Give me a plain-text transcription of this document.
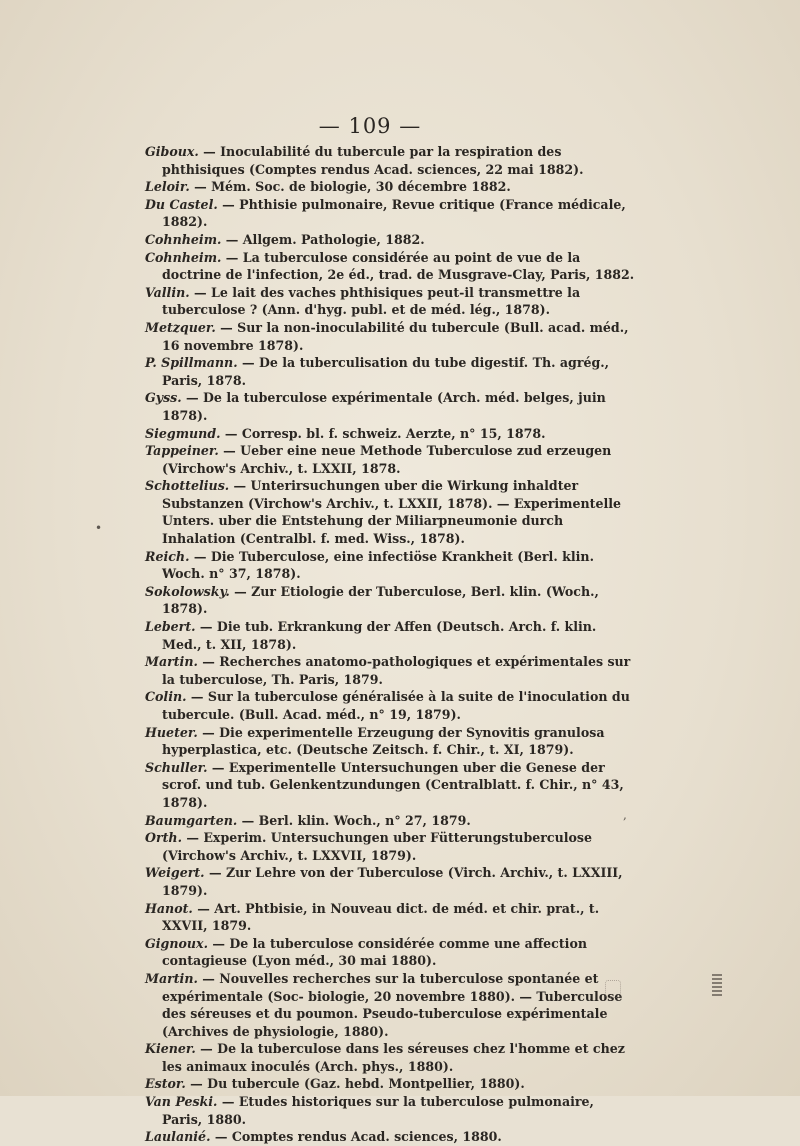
— 109 —

Giboux. — Inoculabilité du tubercule par la respiration des phthisiques (Comptes rendus Acad. sciences, 22 mai 1882).

Leloir. — Mém. Soc. de biologie, 30 décembre 1882.

Du Castel. — Phthisie pulmonaire, Revue critique (France médicale, 1882).

Cohnheim. — Allgem. Pathologie, 1882.

Cohnheim. — La tuberculose considérée au point de vue de la doctrine de l'infection, 2e éd., trad. de Musgrave-Clay, Paris, 1882.

Vallin. — Le lait des vaches phthisiques peut-il transmettre la tuberculose ? (Ann. d'hyg. publ. et de méd. lég., 1878).

Metzquer. — Sur la non-inoculabilité du tubercule (Bull. acad. méd., 16 novembre 1878).

P. Spillmann. — De la tuberculisation du tube digestif. Th. agrég., Paris, 1878.

Gyss. — De la tuberculose expérimentale (Arch. méd. belges, juin 1878).

Siegmund. — Corresp. bl. f. schweiz. Aerzte, n° 15, 1878.

Tappeiner. — Ueber eine neue Methode Tuberculose zud erzeugen (Virchow's Archiv., t. LXXII, 1878.

Schottelius. — Unterirsuchungen uber die Wirkung inhaldter Substanzen (Virchow's Archiv., t. LXXII, 1878). — Experimentelle Unters. uber die Entstehung der Miliarpneumonie durch Inhalation (Centralbl. f. med. Wiss., 1878).

Reich. — Die Tuberculose, eine infectiöse Krankheit (Berl. klin. Woch. n° 37, 1878).

Sokolowsky. — Zur Etiologie der Tuberculose, Berl. klin. (Woch., 1878).

Lebert. — Die tub. Erkrankung der Affen (Deutsch. Arch. f. klin. Med., t. XII, 1878).

Martin. — Recherches anatomo-pathologiques et expérimentales sur la tuberculose, Th. Paris, 1879.

Colin. — Sur la tuberculose généralisée à la suite de l'inoculation du tubercule. (Bull. Acad. méd., n° 19, 1879).

Hueter. — Die experimentelle Erzeugung der Synovitis granulosa hyperplastica, etc. (Deutsche Zeitsch. f. Chir., t. XI, 1879).

Schuller. — Experimentelle Untersuchungen uber die Genese der scrof. und tub. Gelenkentzundungen (Centralblatt. f. Chir., n° 43, 1878).

Baumgarten. — Berl. klin. Woch., n° 27, 1879.

Orth. — Experim. Untersuchungen uber Fütterungstuberculose (Virchow's Archiv., t. LXXVII, 1879).

Weigert. — Zur Lehre von der Tuberculose (Virch. Archiv., t. LXXIII, 1879).

Hanot. — Art. Phtbisie, in Nouveau dict. de méd. et chir. prat., t. XXVII, 1879.

Gignoux. — De la tuberculose considérée comme une affection contagieuse (Lyon méd., 30 mai 1880).

Martin. — Nouvelles recherches sur la tuberculose spontanée et expérimentale (Soc- biologie, 20 novembre 1880). — Tuberculose des séreuses et du poumon. Pseudo-tuberculose expérimentale (Archives de physiologie, 1880).

Kiener. — De la tuberculose dans les séreuses chez l'homme et chez les animaux inoculés (Arch. phys., 1880).

Estor. — Du tubercule (Gaz. hebd. Montpellier, 1880).

Van Peski. — Etudes historiques sur la tuberculose pulmonaire, Paris, 1880.

Laulanié. — Comptes rendus Acad. sciences, 1880.

•
,
